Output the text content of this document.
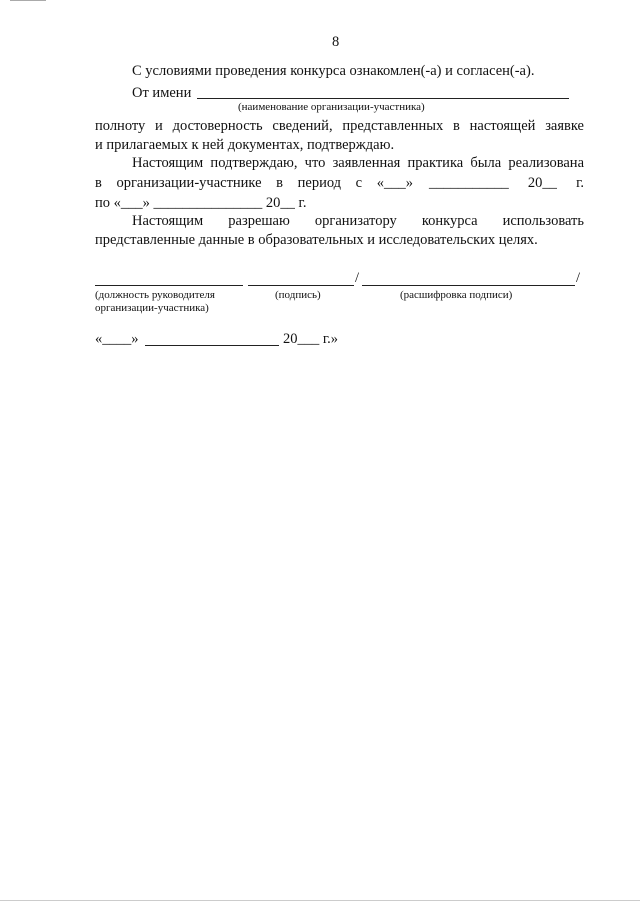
8
С условиями проведения конкурса ознакомлен(-а) и согласен(-а).
От имени
(наименование организации-участника)
полноту и достоверность сведений, представленных в настоящей заявке
и прилагаемых к ней документах, подтверждаю.
Настоящим подтверждаю, что заявленная практика была реализована
в организации-участнике в период с «___» ___________ 20__ г.
по «___» _______________ 20__ г.
Настоящим разрешаю организатору конкурса использовать
представленные данные в образовательных и исследовательских целях.
/	/
(должность руководителя
организации-участника)
(подпись)	(расшифровка подписи)
«____»	20___ г.»
